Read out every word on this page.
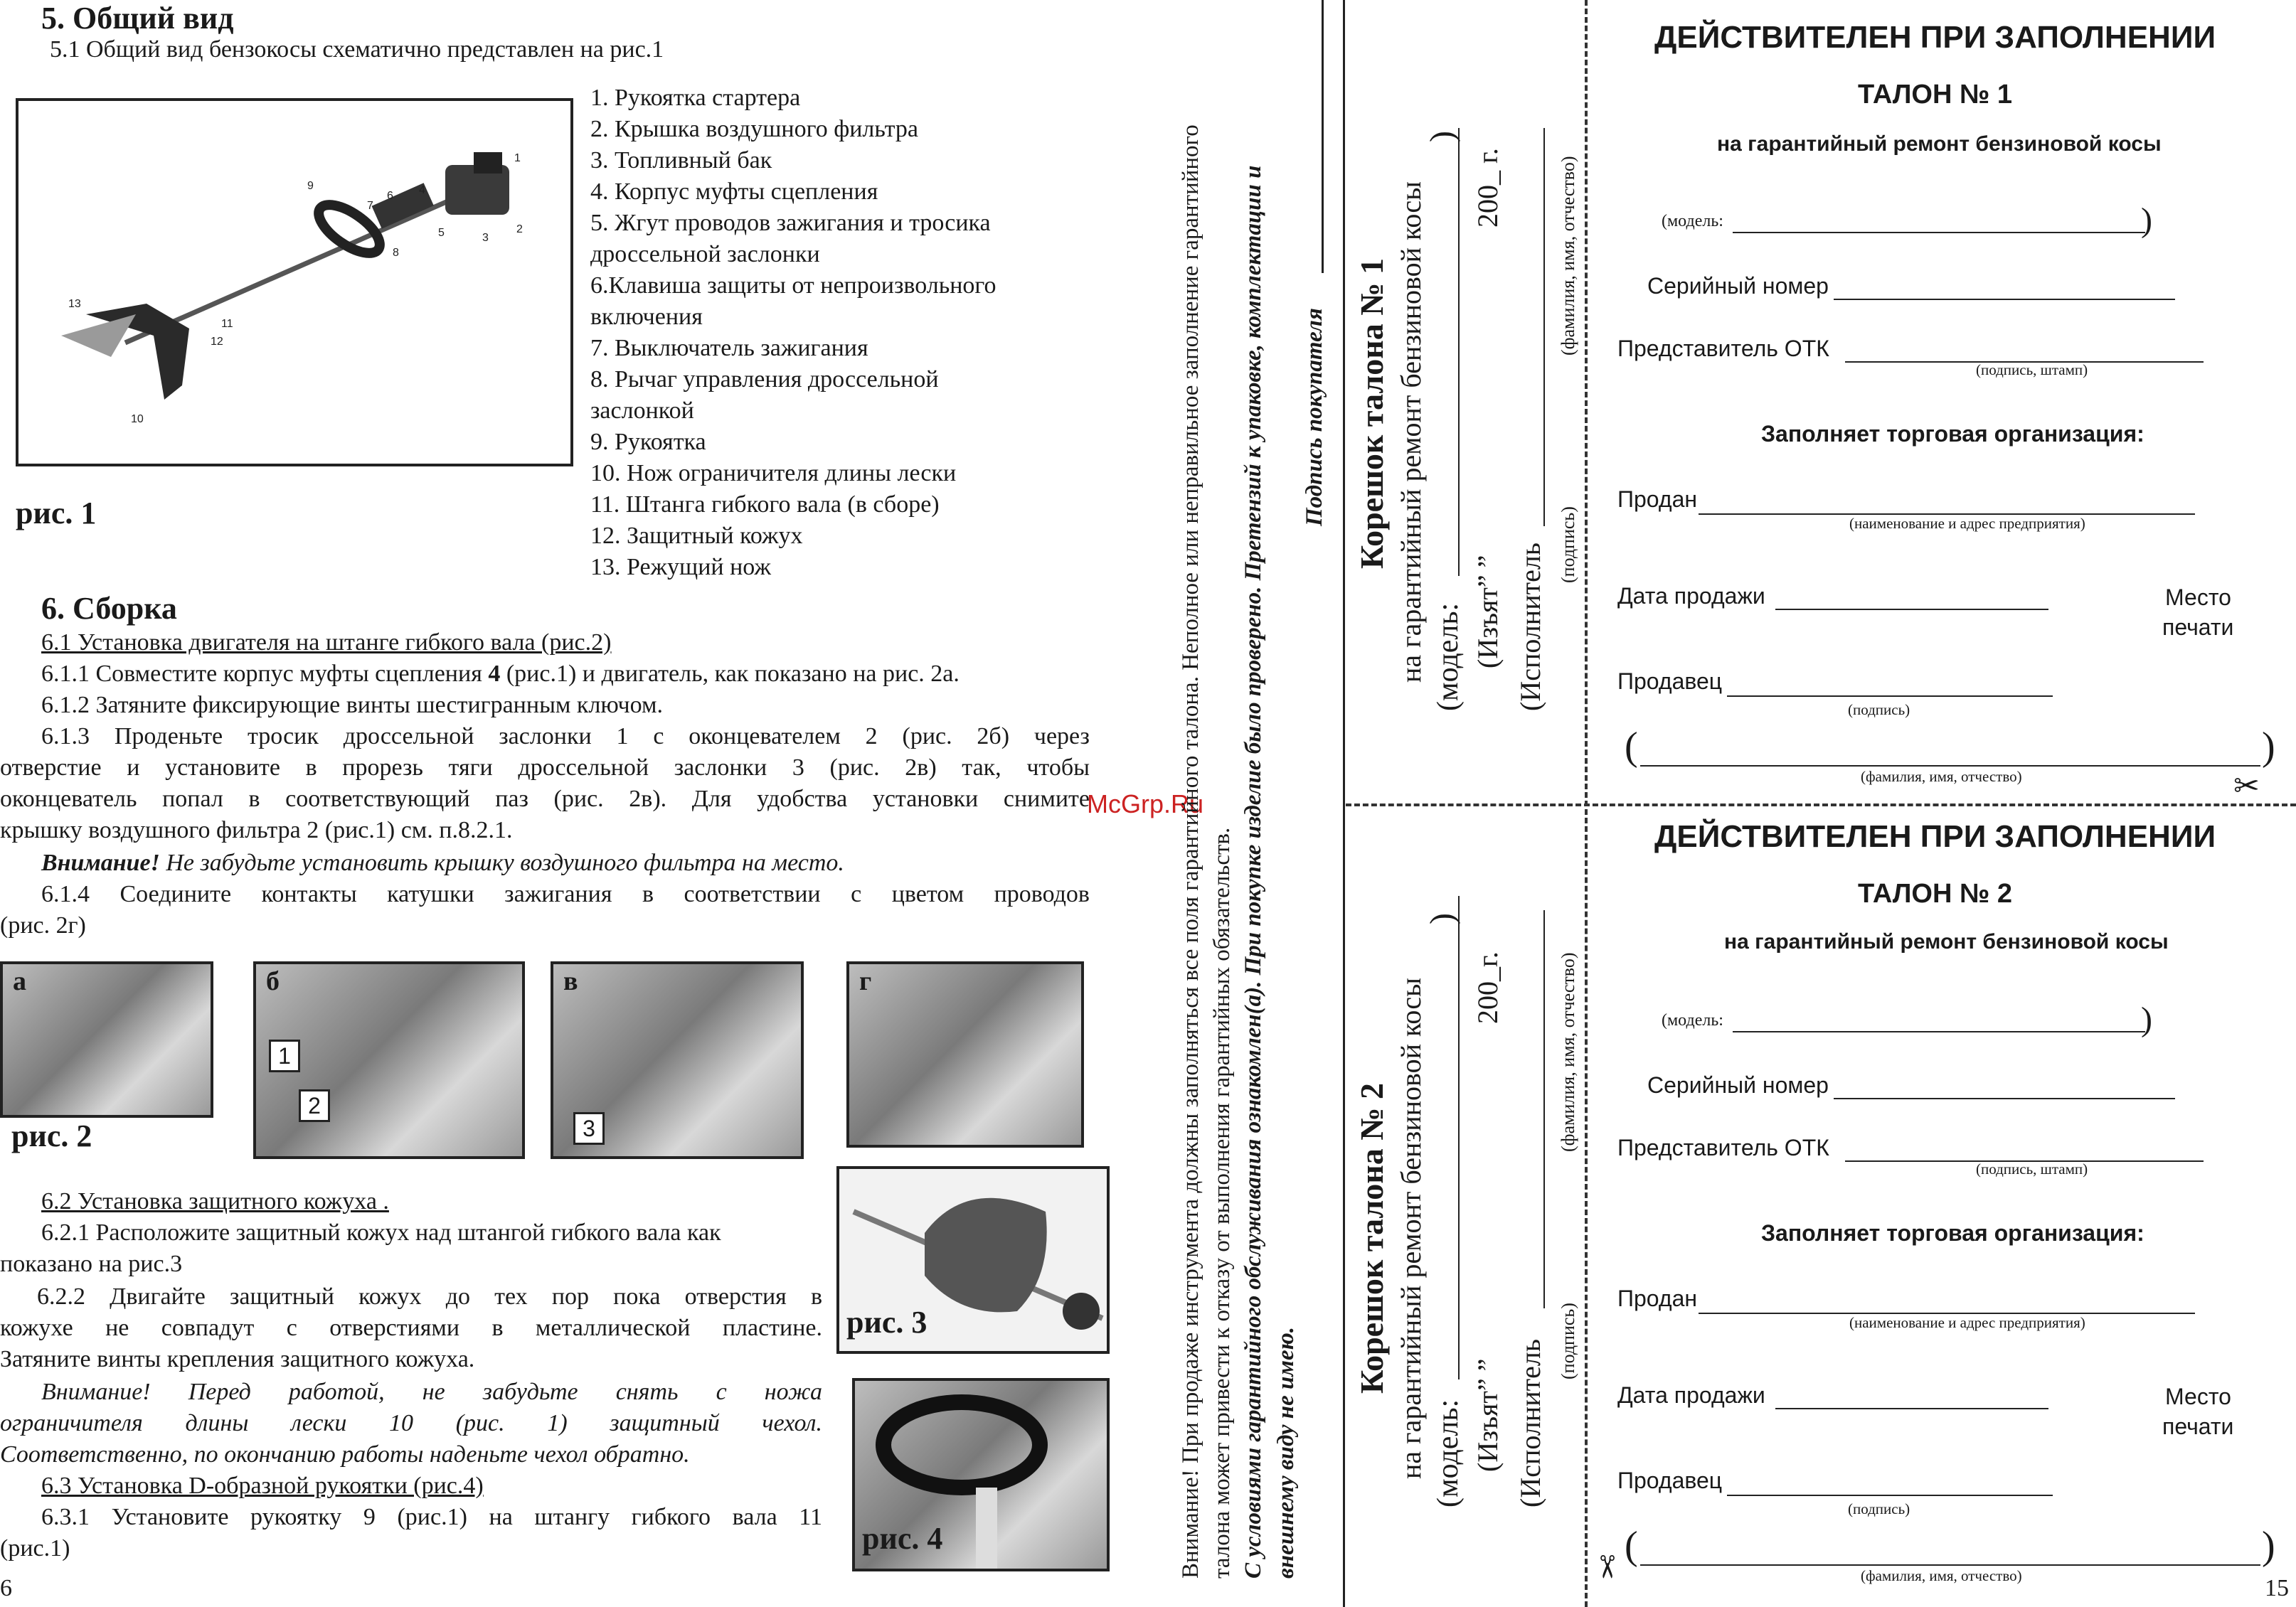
5. Общий вид
5.1 Общий вид бензокосы схематично представлен на рис.1
1
2
3
4
5
6
7
8
9
10
11
12
13
рис. 1
1. Рукоятка стартера
2. Крышка воздушного фильтра
3. Топливный бак
4. Корпус муфты сцепления
5. Жгут проводов зажигания и тросика
дроссельной заслонки
6.Клавиша защиты от непроизвольного
включения
7. Выключатель зажигания
8. Рычаг управления дроссельной
заслонкой
9. Рукоятка
10. Нож ограничителя длины лески
11. Штанга гибкого вала (в сборе)
12. Защитный кожух
13. Режущий нож
6. Сборка
6.1 Установка двигателя на штанге гибкого вала (рис.2)
6.1.1 Совместите корпус муфты сцепления 4 (рис.1) и двигатель, как показано на рис. 2а.
6.1.2 Затяните фиксирующие винты шестигранным ключом.
6.1.3 Проденьте тросик дроссельной заслонки 1 с оконцевателем 2 (рис. 2б) через
отверстие и установите в прорезь тяги дроссельной заслонки 3 (рис. 2в) так, чтобы
оконцеватель попал в соответствующий паз (рис. 2в). Для удобства установки снимите
крышку воздушного фильтра 2 (рис.1) см. п.8.2.1.
Внимание! Не забудьте установить крышку воздушного фильтра на место.
6.1.4 Соедините контакты катушки зажигания в соответствии с цветом проводов
(рис. 2г)
а	б
1
2
в
3
г
рис. 2
6.2 Установка защитного кожуха .
6.2.1 Расположите защитный кожух над штангой гибкого вала как
показано на рис.3
6.2.2 Двигайте защитный кожух до тех пор пока отверстия в
кожухе не совпадут с отверстиями в металлической пластине.
Затяните винты крепления защитного кожуха.
Внимание! Перед работой, не забудьте снять с ножа
ограничителя длины лески 10 (рис. 1) защитный чехол.
Соответственно, по окончанию работы наденьте чехол обратно.
6.3 Установка D-образной рукоятки (рис.4)
6.3.1 Установите рукоятку 9 (рис.1) на штангу гибкого вала 11
(рис.1)
рис. 3
рис. 4
6
McGrp.Ru
Внимание! При продаже инструмента должны заполняться все поля гарантийного талона. Неполное или неправильное заполнение гарантийного талона может привести к отказу от выполнения гарантийных обязательств. С условиями гарантийного обслуживания ознакомлен(а). При покупке изделие было проверено. Претензий к упаковке, комплектации и внешнему виду не имею.
Подпись покупателя Корешок талона № 1 на гарантийный ремонт бензиновой косы (модель:
)
(Изъят” ”
200_ г.
(Исполнитель (подпись)
(фамилия, имя, отчество)
Корешок талона № 2 на гарантийный ремонт бензиновой косы (модель:
)
(Изъят” ”
200_г.
(Исполнитель (подпись)
(фамилия, имя, отчество)
ДЕЙСТВИТЕЛЕН ПРИ ЗАПОЛНЕНИИ
ТАЛОН № 1
на гарантийный ремонт бензиновой косы
(модель:	)
Серийный номер
Представитель ОТК
(подпись, штамп)
Заполняет торговая организация:
Продан
(наименование и адрес предприятия)
Дата продажи	Место
печати
Продавец
(подпись)
(	)
(фамилия, имя, отчество)	✂
ДЕЙСТВИТЕЛЕН ПРИ ЗАПОЛНЕНИИ
ТАЛОН № 2
на гарантийный ремонт бензиновой косы
(модель:	)
Серийный номер
Представитель ОТК
(подпись, штамп)
Заполняет торговая организация:
Продан
(наименование и адрес предприятия)
Дата продажи	Место
печати
Продавец
(подпись)
(	)
(фамилия, имя, отчество)
✂
15
